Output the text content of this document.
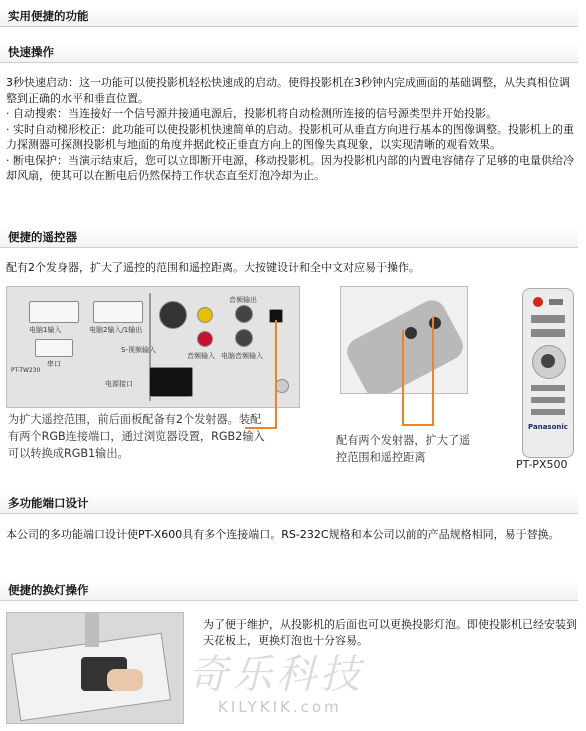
实用便捷的功能
快速操作
3秒快速启动：这一功能可以使投影机轻松快速成的启动。使得投影机在3秒钟内完成画面的基础调整，从失真相位调整到正确的水平和垂直位置。
· 自动搜索：当连接好一个信号源并接通电源后，投影机将自动检测所连接的信号源类型并开始投影。
· 实时自动梯形校正：此功能可以使投影机快速简单的启动。投影机可从垂直方向进行基本的图像调整。投影机上的重力探测器可探测投影机与地面的角度并据此校正垂直方向上的图像失真现象，以实现清晰的观看效果。
· 断电保护：当演示结束后，您可以立即断开电源，移动投影机。因为投影机内部的内置电容储存了足够的电量供给冷却风扇，使其可以在断电后仍然保持工作状态直至灯泡冷却为止。
便捷的遥控器
配有2个发身器，扩大了遥控的范围和遥控距离。大按键设计和全中文对应易于操作。
电脑1输入	电脑2输入/1输出
串口
PT-TW230
S-视频输入
音频输入
音频输出
电脑音频输入
电源接口
为扩大遥控范围，前后面板配备有2个发射器。装配有两个RGB连接端口，通过浏览器设置，RGB2输入可以转换成RGB1输出。
配有两个发射器，扩大了遥控范围和遥控距离
Panasonic
PT-PX500
多功能端口设计
本公司的多功能端口设计使PT-X600具有多个连接端口。RS-232C规格和本公司以前的产品规格相同，易于替换。
便捷的换灯操作
为了便于维护，从投影机的后面也可以更换投影灯泡。即使投影机已经安装到天花板上，更换灯泡也十分容易。
奇乐科技
KILYKIK.com
